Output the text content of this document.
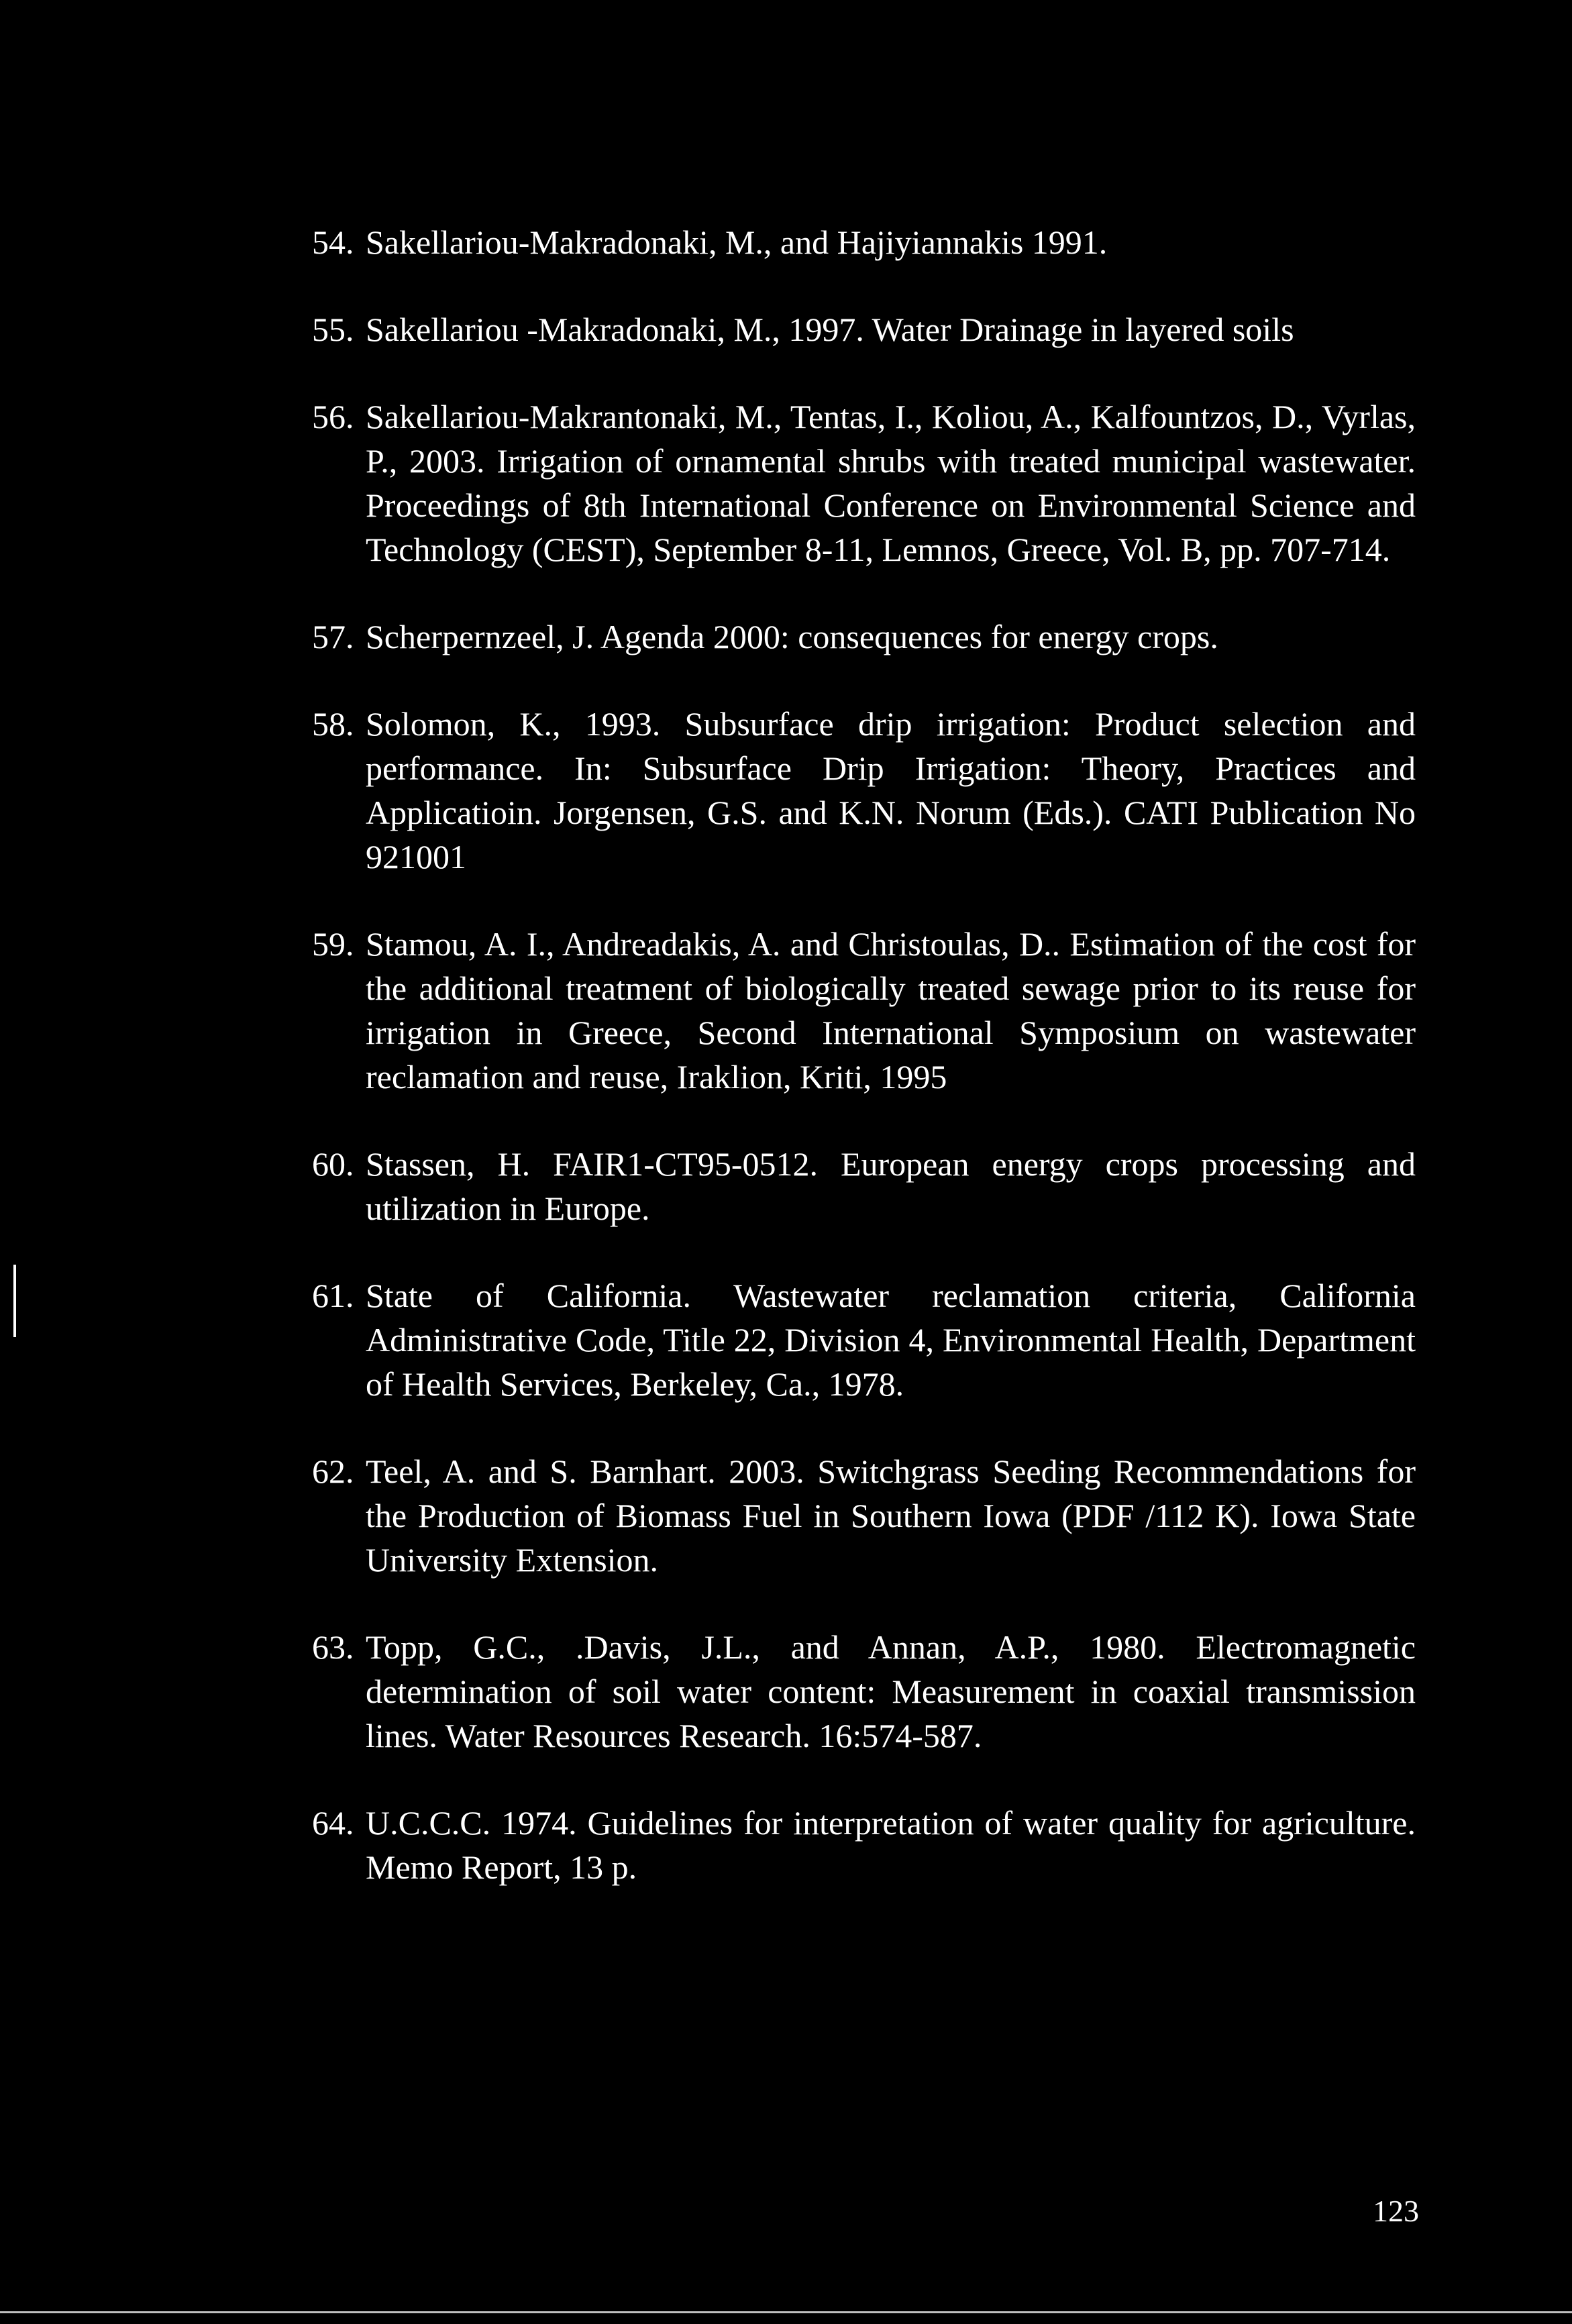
54. Sakellariou-Makradonaki, M., and Hajiyiannakis 1991.
55. Sakellariou -Makradonaki, M., 1997. Water Drainage in layered soils
56. Sakellariou-Makrantonaki, M., Tentas, I., Koliou, A., Kalfountzos, D., Vyrlas, P., 2003. Irrigation of ornamental shrubs with treated municipal wastewater. Proceedings of 8th International Conference on Environmental Science and Technology (CEST), September 8-11, Lemnos, Greece, Vol. B, pp. 707-714.
57. Scherpernzeel, J. Agenda 2000: consequences for energy crops.
58. Solomon, K., 1993. Subsurface drip irrigation: Product selection and performance. In: Subsurface Drip Irrigation: Theory, Practices and Applicatioin. Jorgensen, G.S. and K.N. Norum (Eds.). CATI Publication No 921001
59. Stamou, A. I., Andreadakis, A. and Christoulas, D.. Estimation of the cost for the additional treatment of biologically treated sewage prior to its reuse for irrigation in Greece, Second International Symposium on wastewater reclamation and reuse, Iraklion, Kriti, 1995
60. Stassen, H. FAIR1-CT95-0512. European energy crops processing and utilization in Europe.
61. State of California. Wastewater reclamation criteria, California Administrative Code, Title 22, Division 4, Environmental Health, Department of Health Services, Berkeley, Ca., 1978.
62. Teel, A. and S. Barnhart. 2003. Switchgrass Seeding Recommendations for the Production of Biomass Fuel in Southern Iowa (PDF /112 K). Iowa State University Extension.
63. Topp, G.C., .Davis, J.L., and Annan, A.P., 1980. Electromagnetic determination of soil water content: Measurement in coaxial transmission lines. Water Resources Research. 16:574-587.
64. U.C.C.C. 1974. Guidelines for interpretation of water quality for agriculture. Memo Report, 13 p.
123
